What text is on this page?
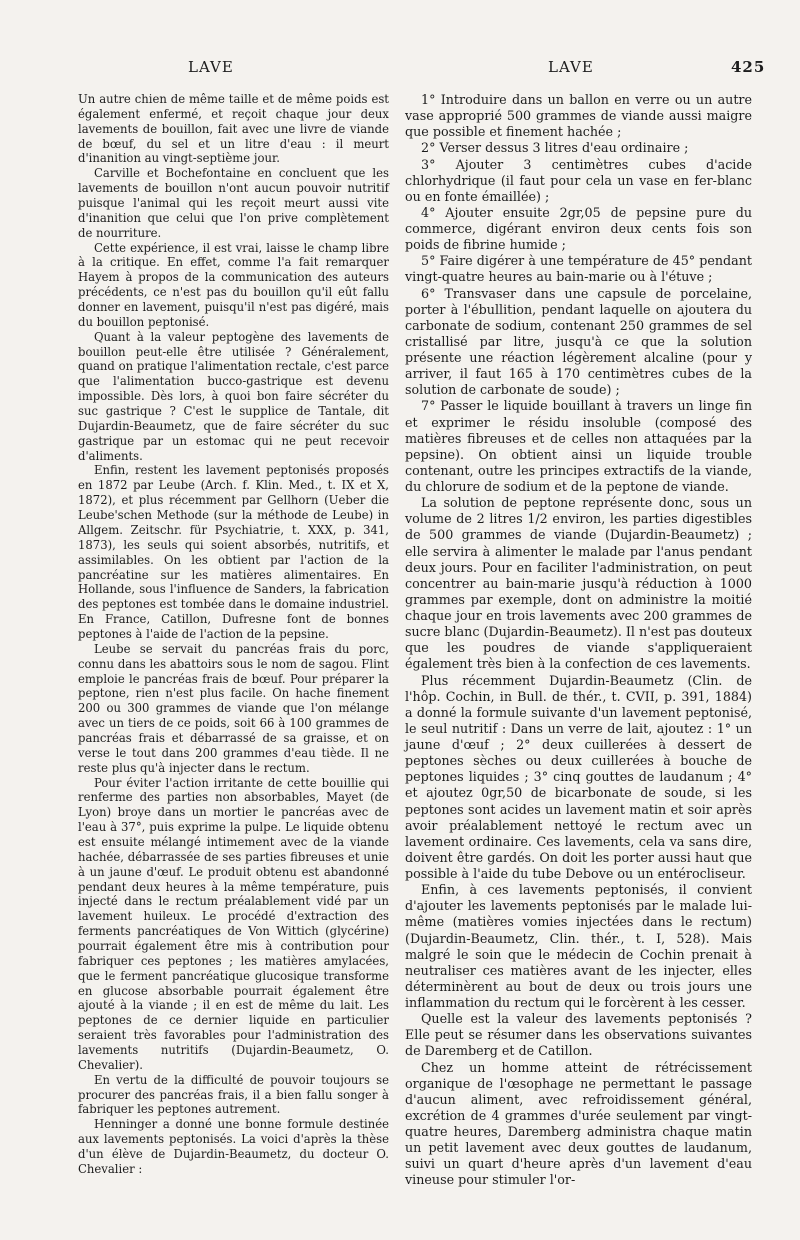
LAVE	LAVE	425

Un autre chien de même taille et de même poids est également enfermé, et reçoit chaque jour deux lavements de bouillon, fait avec une livre de viande de bœuf, du sel et un litre d'eau : il meurt d'inanition au vingt-septième jour.

Carville et Bochefontaine en concluent que les lavements de bouillon n'ont aucun pouvoir nutritif puisque l'animal qui les reçoit meurt aussi vite d'inanition que celui que l'on prive complètement de nourriture.

Cette expérience, il est vrai, laisse le champ libre à la critique. En effet, comme l'a fait remarquer Hayem à propos de la communication des auteurs précédents, ce n'est pas du bouillon qu'il eût fallu donner en lavement, puisqu'il n'est pas digéré, mais du bouillon peptonisé.

Quant à la valeur peptogène des lavements de bouillon peut-elle être utilisée ? Généralement, quand on pratique l'alimentation rectale, c'est parce que l'alimentation bucco-gastrique est devenu impossible. Dès lors, à quoi bon faire sécréter du suc gastrique ? C'est le supplice de Tantale, dit Dujardin-Beaumetz, que de faire sécréter du suc gastrique par un estomac qui ne peut recevoir d'aliments.

Enfin, restent les lavement peptonisés proposés en 1872 par Leube (Arch. f. Klin. Med., t. IX et X, 1872), et plus récemment par Gellhorn (Ueber die Leube'schen Methode (sur la méthode de Leube) in Allgem. Zeitschr. für Psychiatrie, t. XXX, p. 341, 1873), les seuls qui soient absorbés, nutritifs, et assimilables. On les obtient par l'action de la pancréatine sur les matières alimentaires. En Hollande, sous l'influence de Sanders, la fabrication des peptones est tombée dans le domaine industriel. En France, Catillon, Dufresne font de bonnes peptones à l'aide de l'action de la pepsine.

Leube se servait du pancréas frais du porc, connu dans les abattoirs sous le nom de sagou. Flint emploie le pancréas frais de bœuf. Pour préparer la peptone, rien n'est plus facile. On hache finement 200 ou 300 grammes de viande que l'on mélange avec un tiers de ce poids, soit 66 à 100 grammes de pancréas frais et débarrassé de sa graisse, et on verse le tout dans 200 grammes d'eau tiède. Il ne reste plus qu'à injecter dans le rectum.

Pour éviter l'action irritante de cette bouillie qui renferme des parties non absorbables, Mayet (de Lyon) broye dans un mortier le pancréas avec de l'eau à 37°, puis exprime la pulpe. Le liquide obtenu est ensuite mélangé intimement avec de la viande hachée, débarrassée de ses parties fibreuses et unie à un jaune d'œuf. Le produit obtenu est abandonné pendant deux heures à la même température, puis injecté dans le rectum préalablement vidé par un lavement huileux. Le procédé d'extraction des ferments pancréatiques de Von Wittich (glycérine) pourrait également être mis à contribution pour fabriquer ces peptones ; les matières amylacées, que le ferment pancréatique glucosique transforme en glucose absorbable pourrait également être ajouté à la viande ; il en est de même du lait. Les peptones de ce dernier liquide en particulier seraient très favorables pour l'administration des lavements nutritifs (Dujardin-Beaumetz, O. Chevalier).

En vertu de la difficulté de pouvoir toujours se procurer des pancréas frais, il a bien fallu songer à fabriquer les peptones autrement.

Henninger a donné une bonne formule destinée aux lavements peptonisés. La voici d'après la thèse d'un élève de Dujardin-Beaumetz, du docteur O. Chevalier :

1° Introduire dans un ballon en verre ou un autre vase approprié 500 grammes de viande aussi maigre que possible et finement hachée ;

2° Verser dessus 3 litres d'eau ordinaire ;

3° Ajouter 3 centimètres cubes d'acide chlorhydrique (il faut pour cela un vase en fer-blanc ou en fonte émaillée) ;

4° Ajouter ensuite 2gr,05 de pepsine pure du commerce, digérant environ deux cents fois son poids de fibrine humide ;

5° Faire digérer à une température de 45° pendant vingt-quatre heures au bain-marie ou à l'étuve ;

6° Transvaser dans une capsule de porcelaine, porter à l'ébullition, pendant laquelle on ajoutera du carbonate de sodium, contenant 250 grammes de sel cristallisé par litre, jusqu'à ce que la solution présente une réaction légèrement alcaline (pour y arriver, il faut 165 à 170 centimètres cubes de la solution de carbonate de soude) ;

7° Passer le liquide bouillant à travers un linge fin et exprimer le résidu insoluble (composé des matières fibreuses et de celles non attaquées par la pepsine). On obtient ainsi un liquide trouble contenant, outre les principes extractifs de la viande, du chlorure de sodium et de la peptone de viande.

La solution de peptone représente donc, sous un volume de 2 litres 1/2 environ, les parties digestibles de 500 grammes de viande (Dujardin-Beaumetz) ; elle servira à alimenter le malade par l'anus pendant deux jours. Pour en faciliter l'administration, on peut concentrer au bain-marie jusqu'à réduction à 1000 grammes par exemple, dont on administre la moitié chaque jour en trois lavements avec 200 grammes de sucre blanc (Dujardin-Beaumetz). Il n'est pas douteux que les poudres de viande s'appliqueraient également très bien à la confection de ces lavements.

Plus récemment Dujardin-Beaumetz (Clin. de l'hôp. Cochin, in Bull. de thér., t. CVII, p. 391, 1884) a donné la formule suivante d'un lavement peptonisé, le seul nutritif : Dans un verre de lait, ajoutez : 1° un jaune d'œuf ; 2° deux cuillerées à dessert de peptones sèches ou deux cuillerées à bouche de peptones liquides ; 3° cinq gouttes de laudanum ; 4° et ajoutez 0gr,50 de bicarbonate de soude, si les peptones sont acides un lavement matin et soir après avoir préalablement nettoyé le rectum avec un lavement ordinaire. Ces lavements, cela va sans dire, doivent être gardés. On doit les porter aussi haut que possible à l'aide du tube Debove ou un entérocliseur.

Enfin, à ces lavements peptonisés, il convient d'ajouter les lavements peptonisés par le malade lui-même (matières vomies injectées dans le rectum) (Dujardin-Beaumetz, Clin. thér., t. I, 528). Mais malgré le soin que le médecin de Cochin prenait à neutraliser ces matières avant de les injecter, elles déterminèrent au bout de deux ou trois jours une inflammation du rectum qui le forcèrent à les cesser.

Quelle est la valeur des lavements peptonisés ? Elle peut se résumer dans les observations suivantes de Daremberg et de Catillon.

Chez un homme atteint de rétrécissement organique de l'œsophage ne permettant le passage d'aucun aliment, avec refroidissement général, excrétion de 4 grammes d'urée seulement par vingt-quatre heures, Daremberg administra chaque matin un petit lavement avec deux gouttes de laudanum, suivi un quart d'heure après d'un lavement d'eau vineuse pour stimuler l'or-
